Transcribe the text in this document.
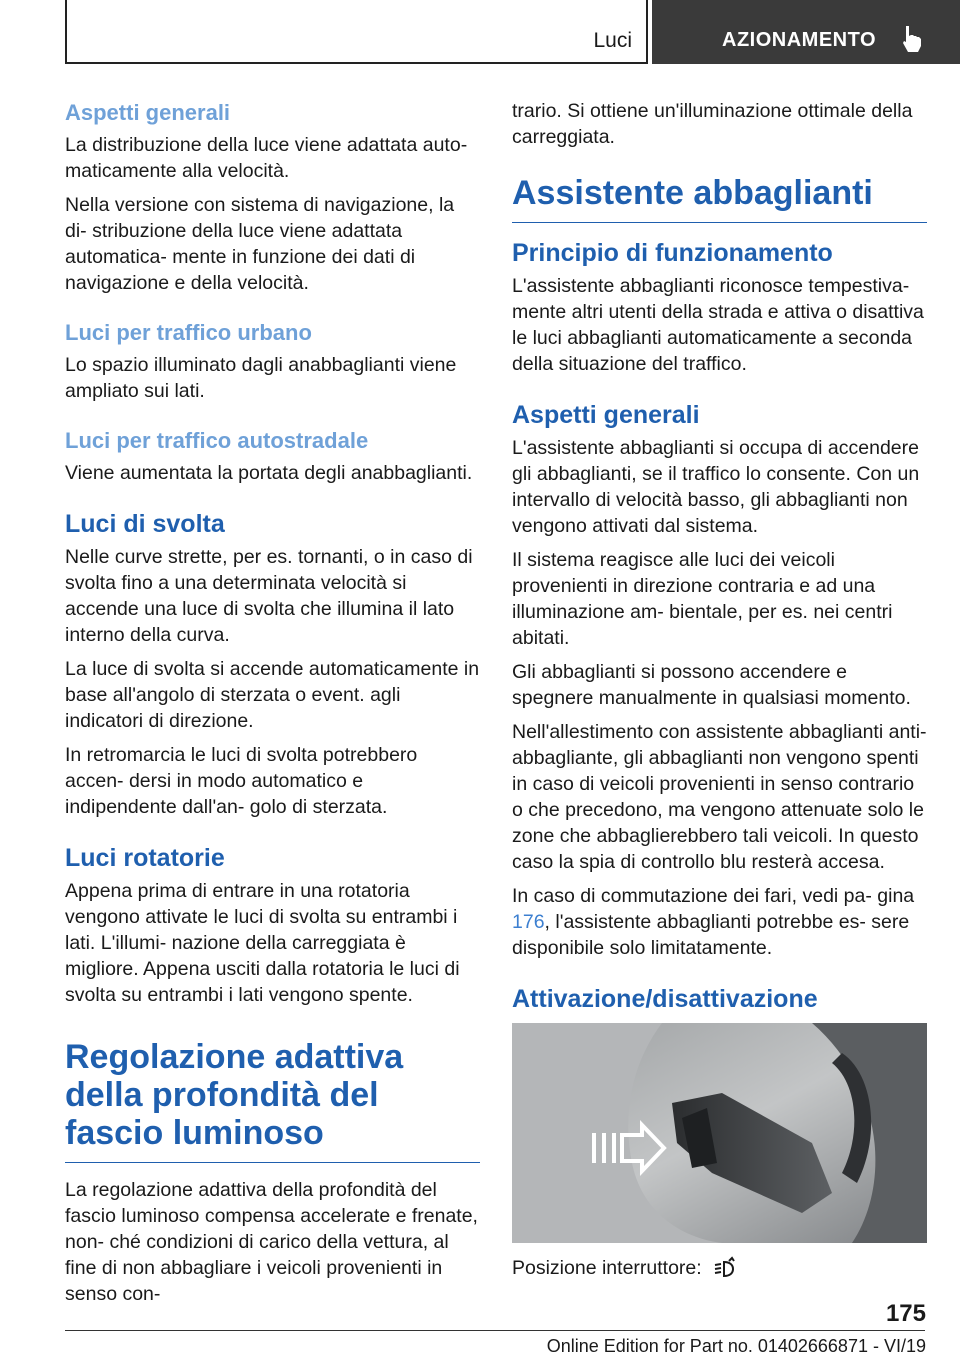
Luci	AZIONAMENTO
Aspetti generali

La distribuzione della luce viene adattata auto- maticamente alla velocità.

Nella versione con sistema di navigazione, la di- stribuzione della luce viene adattata automatica- mente in funzione dei dati di navigazione e della velocità.

Luci per traffico urbano

Lo spazio illuminato dagli anabbaglianti viene ampliato sui lati.

Luci per traffico autostradale

Viene aumentata la portata degli anabbaglianti.

Luci di svolta

Nelle curve strette, per es. tornanti, o in caso di svolta fino a una determinata velocità si accende una luce di svolta che illumina il lato interno della curva.

La luce di svolta si accende automaticamente in base all'angolo di sterzata o event. agli indicatori di direzione.

In retromarcia le luci di svolta potrebbero accen- dersi in modo automatico e indipendente dall'an- golo di sterzata.

Luci rotatorie

Appena prima di entrare in una rotatoria vengono attivate le luci di svolta su entrambi i lati. L'illumi- nazione della carreggiata è migliore. Appena usciti dalla rotatoria le luci di svolta su entrambi i lati vengono spente.

Regolazione adattiva della profondità del fascio luminoso

La regolazione adattiva della profondità del fascio luminoso compensa accelerate e frenate, non- ché condizioni di carico della vettura, al fine di non abbagliare i veicoli provenienti in senso con-

trario. Si ottiene un'illuminazione ottimale della carreggiata.

Assistente abbaglianti
Principio di funzionamento

L'assistente abbaglianti riconosce tempestiva- mente altri utenti della strada e attiva o disattiva le luci abbaglianti automaticamente a seconda della situazione del traffico.

Aspetti generali

L'assistente abbaglianti si occupa di accendere gli abbaglianti, se il traffico lo consente. Con un intervallo di velocità basso, gli abbaglianti non vengono attivati dal sistema.

Il sistema reagisce alle luci dei veicoli provenienti in direzione contraria e ad una illuminazione am- bientale, per es. nei centri abitati.

Gli abbaglianti si possono accendere e spegnere manualmente in qualsiasi momento.

Nell'allestimento con assistente abbaglianti anti- abbagliante, gli abbaglianti non vengono spenti in caso di veicoli provenienti in senso contrario o che precedono, ma vengono attenuate solo le zone che abbaglierebbero tali veicoli. In questo caso la spia di controllo blu resterà accesa.

In caso di commutazione dei fari, vedi pa- gina 176, l'assistente abbaglianti potrebbe es- sere disponibile solo limitatamente.

Attivazione/disattivazione

Posizione interruttore:

175
Online Edition for Part no. 01402666871 - VI/19
